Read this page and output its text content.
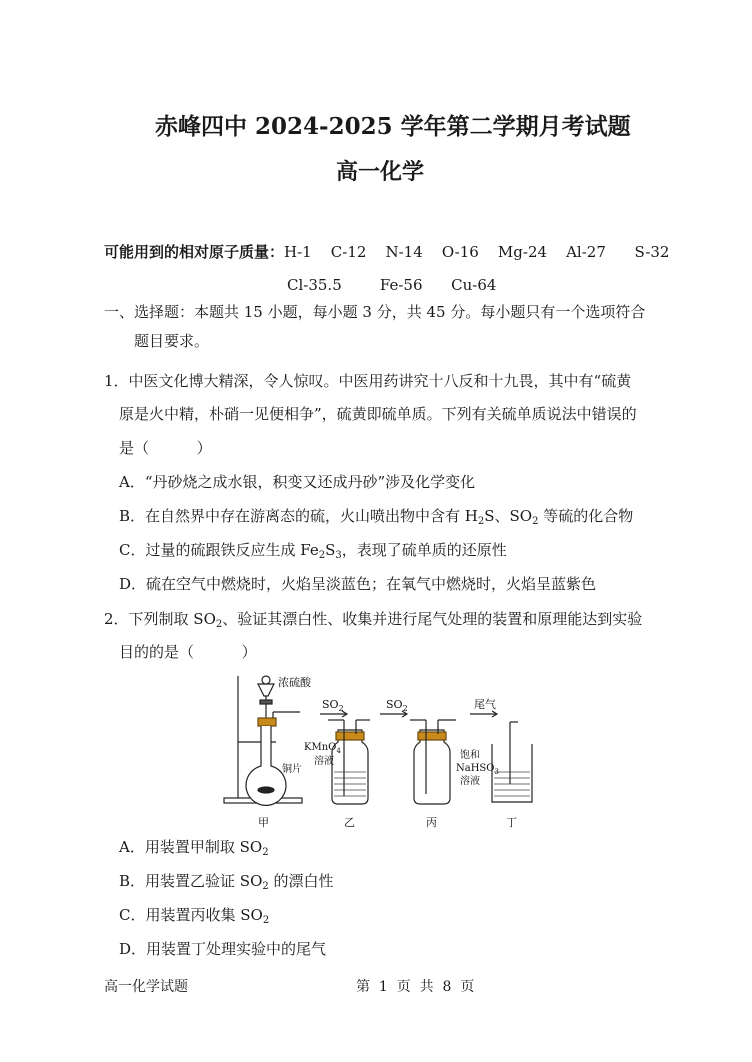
赤峰四中 2024-2025 学年第二学期月考试题
高一化学
可能用到的相对原子质量：H-1    C-12    N-14    O-16    Mg-24    Al-27      S-32
Cl-35.5        Fe-56      Cu-64
一、选择题：本题共 15 小题，每小题 3 分，共 45 分。每小题只有一个选项符合
题目要求。
1．中医文化博大精深，令人惊叹。中医用药讲究十八反和十九畏，其中有“硫黄
原是火中精，朴硝一见便相争”，硫黄即硫单质。下列有关硫单质说法中错误的
是（          ）
A．“丹砂烧之成水银，积变又还成丹砂”涉及化学变化
B．在自然界中存在游离态的硫，火山喷出物中含有 $H_2S$、$SO_2$ 等硫的化合物
C．过量的硫跟铁反应生成 $Fe_2S_3$，表现了硫单质的还原性
D．硫在空气中燃烧时，火焰呈淡蓝色；在氧气中燃烧时，火焰呈蓝紫色
2．下列制取 $SO_2$、验证其漂白性、收集并进行尾气处理的装置和原理能达到实验
目的的是（          ）
浓硫酸
$SO_2$	$SO_2$	尾气
KMnO$_4$
溶液
铜片
饱和
NaHSO$_3$
溶液
甲	乙	丙	丁
A．用装置甲制取 $SO_2$
B．用装置乙验证 $SO_2$ 的漂白性
C．用装置丙收集 $SO_2$
D．用装置丁处理实验中的尾气
高一化学试题	第  1  页  共  8  页
